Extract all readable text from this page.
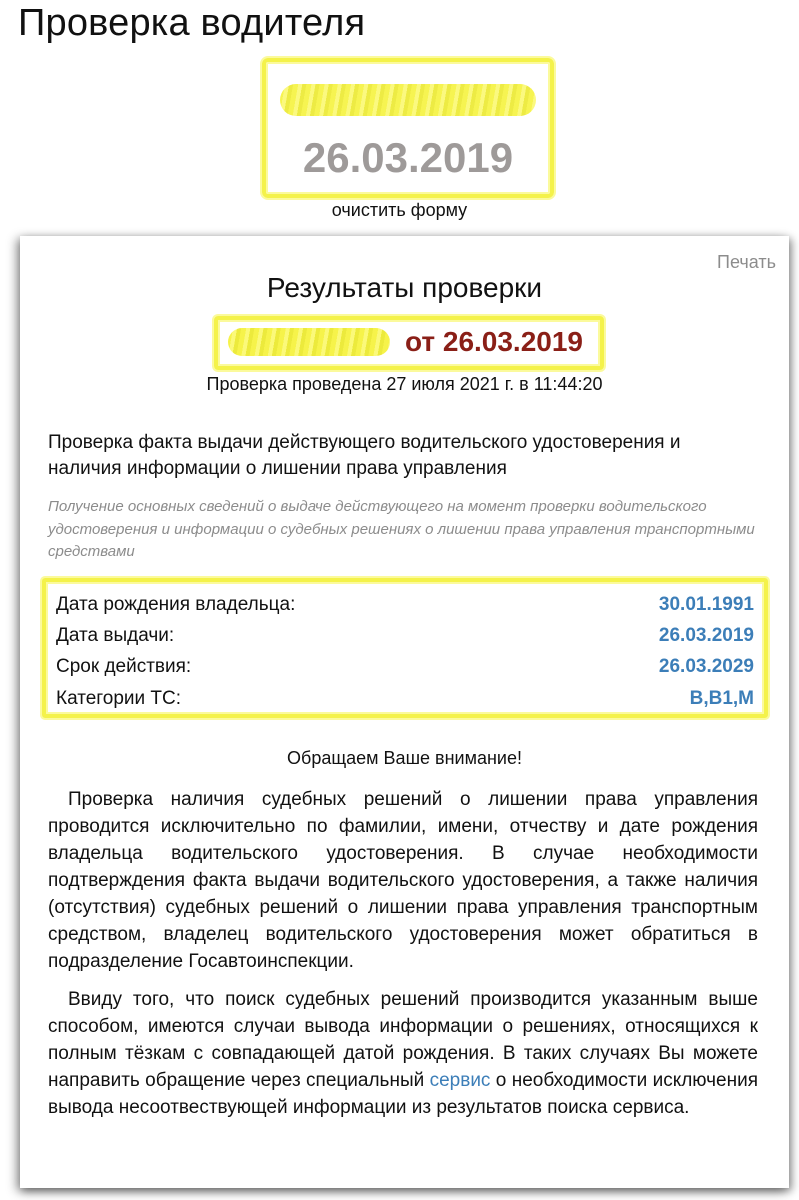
Проверка водителя
26.03.2019
очистить форму
Печать
Результаты проверки
от 26.03.2019
Проверка проведена 27 июля 2021 г. в 11:44:20
Проверка факта выдачи действующего водительского удостоверения и наличия информации о лишении права управления
Получение основных сведений о выдаче действующего на момент проверки водительского удостоверения и информации о судебных решениях о лишении права управления транспортными средствами
Дата рождения владельца:	30.01.1991
Дата выдачи:	26.03.2019
Срок действия:	26.03.2029
Категории ТС:	B,B1,M
Обращаем Ваше внимание!
Проверка наличия судебных решений о лишении права управления проводится исключительно по фамилии, имени, отчеству и дате рождения владельца водительского удостоверения. В случае необходимости подтверждения факта выдачи водительского удостоверения, а также наличия (отсутствия) судебных решений о лишении права управления транспортным средством, владелец водительского удостоверения может обратиться в подразделение Госавтоинспекции.
Ввиду того, что поиск судебных решений производится указанным выше способом, имеются случаи вывода информации о решениях, относящихся к полным тёзкам с совпадающей датой рождения. В таких случаях Вы можете направить обращение через специальный сервис о необходимости исключения вывода несоотвествующей информации из результатов поиска сервиса.
